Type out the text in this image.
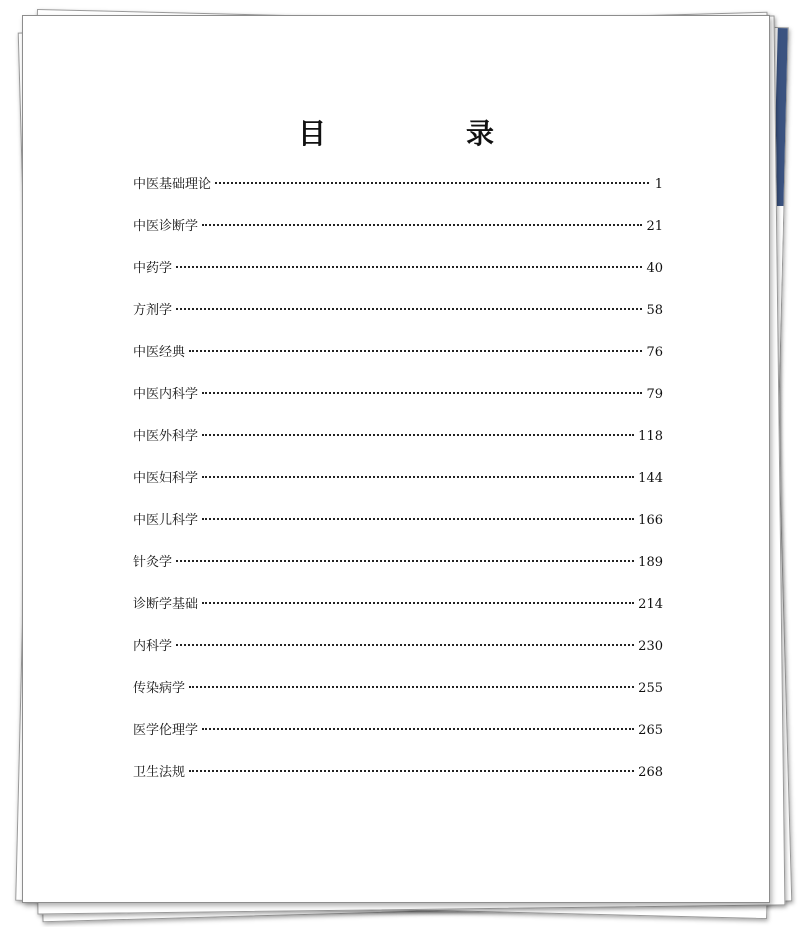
目　录
中医基础理论	1
中医诊断学	21
中药学	40
方剂学	58
中医经典	76
中医内科学	79
中医外科学	118
中医妇科学	144
中医儿科学	166
针灸学	189
诊断学基础	214
内科学	230
传染病学	255
医学伦理学	265
卫生法规	268
